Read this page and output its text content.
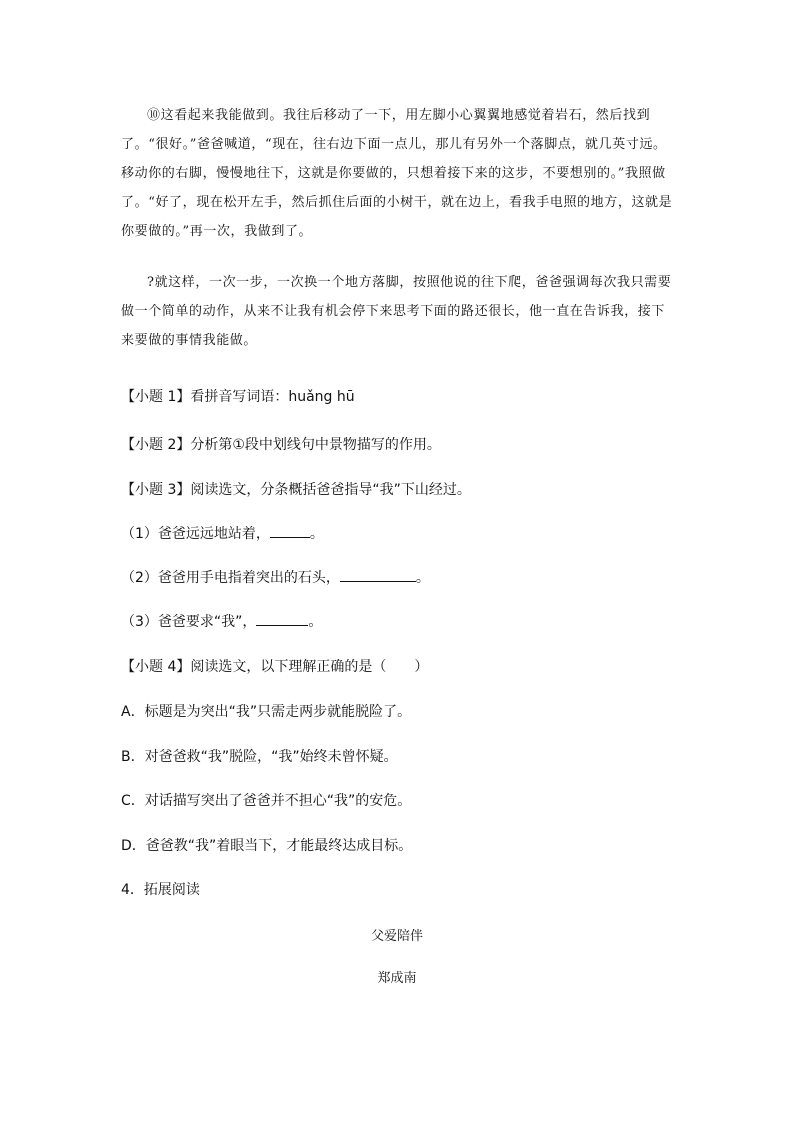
⑩这看起来我能做到。我往后移动了一下，用左脚小心翼翼地感觉着岩石，然后找到了。“很好。”爸爸喊道，“现在，往右边下面一点儿，那儿有另外一个落脚点，就几英寸远。移动你的右脚，慢慢地往下，这就是你要做的，只想着接下来的这步，不要想别的。”我照做了。“好了，现在松开左手，然后抓住后面的小树干，就在边上，看我手电照的地方，这就是你要做的。”再一次，我做到了。

?就这样，一次一步，一次换一个地方落脚，按照他说的往下爬，爸爸强调每次我只需要做一个简单的动作，从来不让我有机会停下来思考下面的路还很长，他一直在告诉我，接下来要做的事情我能做。

【小题 1】看拼音写词语：huǎng hū

【小题 2】分析第①段中划线句中景物描写的作用。

【小题 3】阅读选文，分条概括爸爸指导“我”下山经过。

（1）爸爸远远地站着，	。

（2）爸爸用手电指着突出的石头，	。

（3）爸爸要求“我”，	。

【小题 4】阅读选文，以下理解正确的是（　　）

A．标题是为突出“我”只需走两步就能脱险了。

B．对爸爸救“我”脱险，“我”始终未曾怀疑。

C．对话描写突出了爸爸并不担心“我”的安危。

D．爸爸教“我”着眼当下，才能最终达成目标。

4．拓展阅读

父爱陪伴

郑成南
